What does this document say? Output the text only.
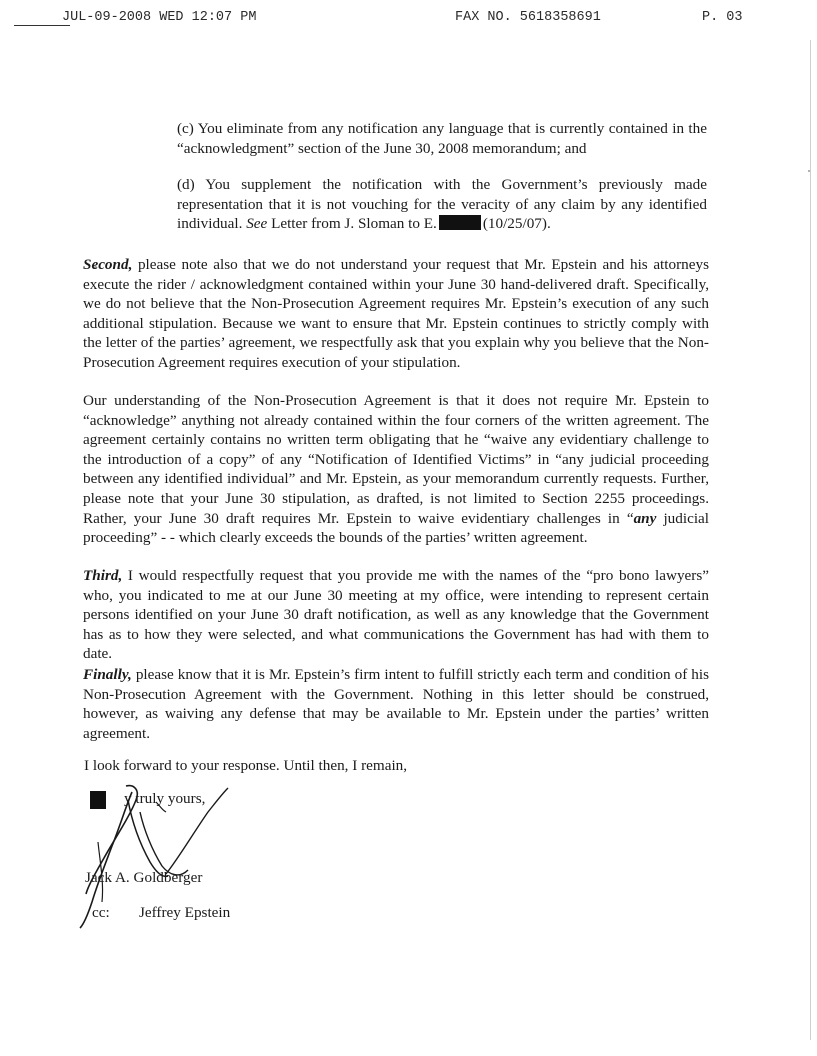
JUL-09-2008 WED 12:07 PM	FAX NO. 5618358691	P. 03

(c) You eliminate from any notification any language that is currently contained in the “acknowledgment” section of the June 30, 2008 memorandum; and

(d) You supplement the notification with the Government’s previously made representation that it is not vouching for the veracity of any claim by any identified individual. See Letter from J. Sloman to E.	(10/25/07).

Second, please note also that we do not understand your request that Mr. Epstein and his attorneys execute the rider / acknowledgment contained within your June 30 hand-delivered draft. Specifically, we do not believe that the Non-Prosecution Agreement requires Mr. Epstein’s execution of any such additional stipulation. Because we want to ensure that Mr. Epstein continues to strictly comply with the letter of the parties’ agreement, we respectfully ask that you explain why you believe that the Non-Prosecution Agreement requires execution of your stipulation.

Our understanding of the Non-Prosecution Agreement is that it does not require Mr. Epstein to “acknowledge” anything not already contained within the four corners of the written agreement. The agreement certainly contains no written term obligating that he “waive any evidentiary challenge to the introduction of a copy” of any “Notification of Identified Victims” in “any judicial proceeding between any identified individual” and Mr. Epstein, as your memorandum currently requests. Further, please note that your June 30 stipulation, as drafted, is not limited to Section 2255 proceedings. Rather, your June 30 draft requires Mr. Epstein to waive evidentiary challenges in “any judicial proceeding” - - which clearly exceeds the bounds of the parties’ written agreement.

Third, I would respectfully request that you provide me with the names of the “pro bono lawyers” who, you indicated to me at our June 30 meeting at my office, were intending to represent certain persons identified on your June 30 draft notification, as well as any knowledge that the Government has as to how they were selected, and what communications the Government has had with them to date.

Finally, please know that it is Mr. Epstein’s firm intent to fulfill strictly each term and condition of his Non-Prosecution Agreement with the Government. Nothing in this letter should be construed, however, as waiving any defense that may be available to Mr. Epstein under the parties’ written agreement.

I look forward to your response. Until then, I remain,

y truly yours,
Jack A. Goldberger
cc: Jeffrey Epstein
